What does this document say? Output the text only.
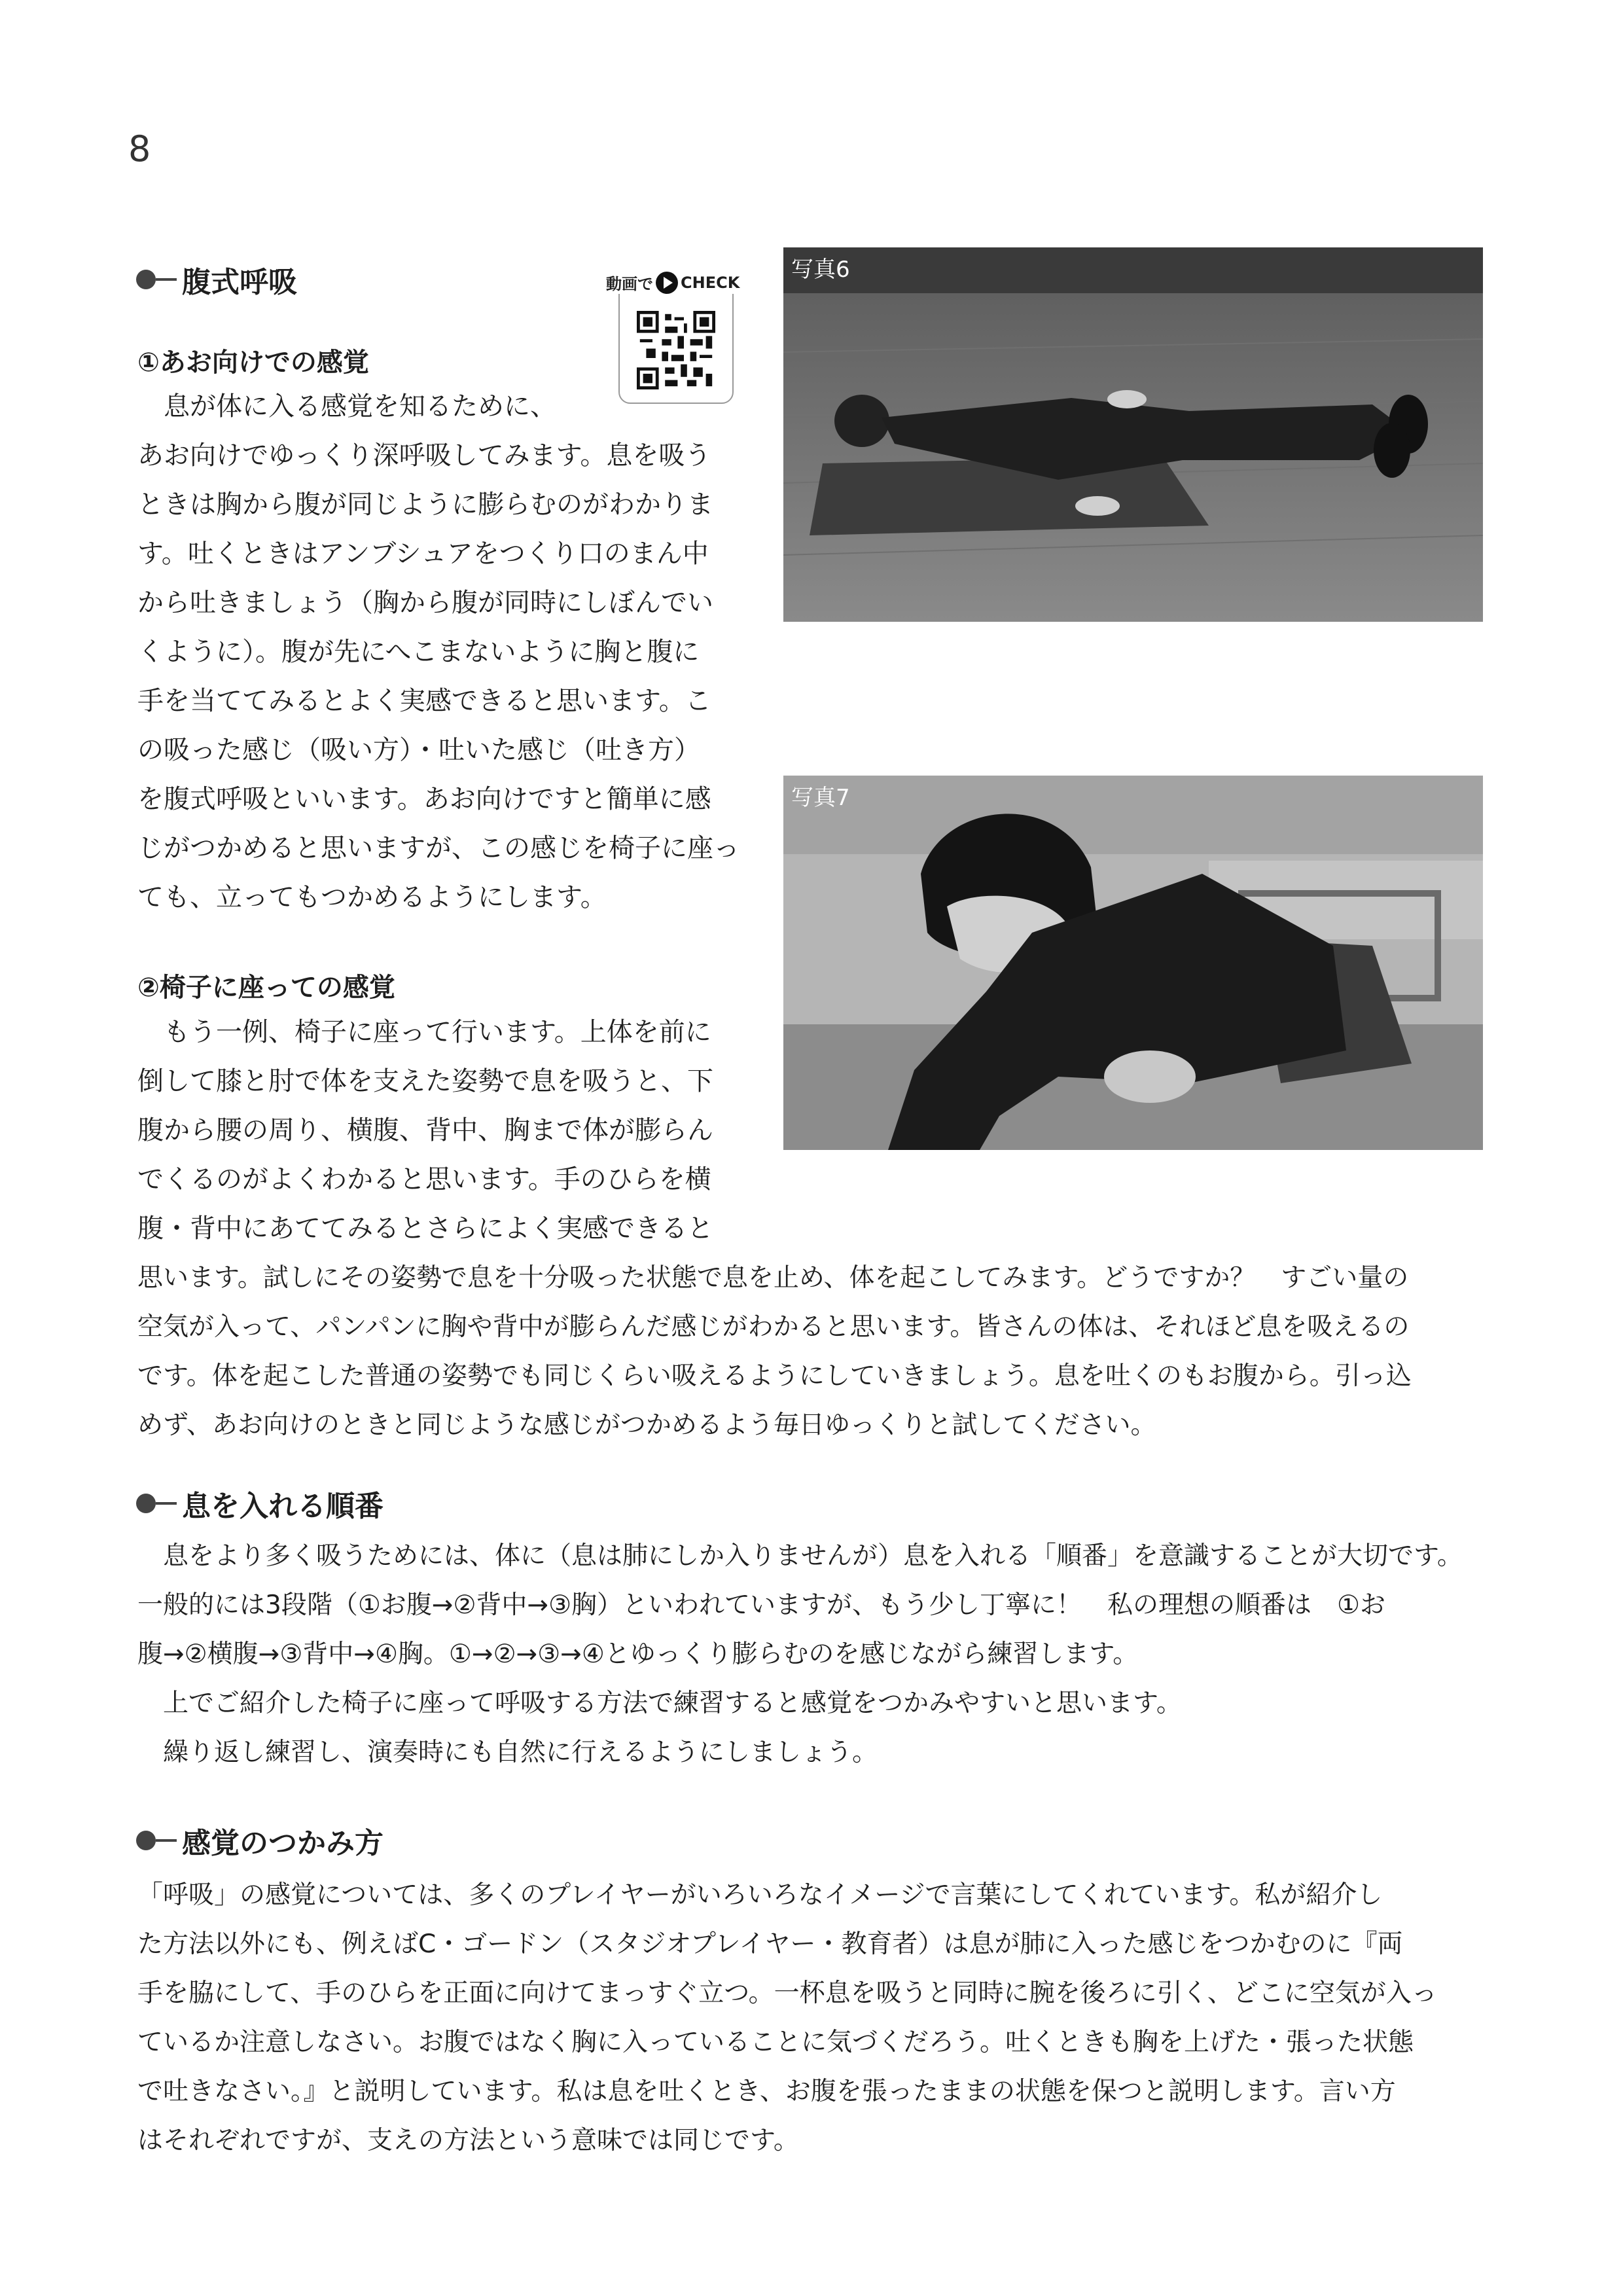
8
腹式呼吸	動画で CHECK
①あお向けでの感覚
　息が体に入る感覚を知るために、
あお向けでゆっくり深呼吸してみます。息を吸う
ときは胸から腹が同じように膨らむのがわかりま
す。吐くときはアンブシュアをつくり口のまん中
から吐きましょう（胸から腹が同時にしぼんでい
くように）。腹が先にへこまないように胸と腹に
手を当ててみるとよく実感できると思います。こ
の吸った感じ（吸い方）・吐いた感じ（吐き方）
を腹式呼吸といいます。あお向けですと簡単に感
じがつかめると思いますが、この感じを椅子に座っ
ても、立ってもつかめるようにします。
②椅子に座っての感覚
　もう一例、椅子に座って行います。上体を前に
倒して膝と肘で体を支えた姿勢で息を吸うと、下
腹から腰の周り、横腹、背中、胸まで体が膨らん
でくるのがよくわかると思います。手のひらを横
腹・背中にあててみるとさらによく実感できると
思います。試しにその姿勢で息を十分吸った状態で息を止め、体を起こしてみます。どうですか？　すごい量の
空気が入って、パンパンに胸や背中が膨らんだ感じがわかると思います。皆さんの体は、それほど息を吸えるの
です。体を起こした普通の姿勢でも同じくらい吸えるようにしていきましょう。息を吐くのもお腹から。引っ込
めず、あお向けのときと同じような感じがつかめるよう毎日ゆっくりと試してください。
写真6
写真7
息を入れる順番
　息をより多く吸うためには、体に（息は肺にしか入りませんが）息を入れる「順番」を意識することが大切です。
一般的には3段階（①お腹→②背中→③胸）といわれていますが、もう少し丁寧に！　私の理想の順番は　①お
腹→②横腹→③背中→④胸。①→②→③→④とゆっくり膨らむのを感じながら練習します。
　上でご紹介した椅子に座って呼吸する方法で練習すると感覚をつかみやすいと思います。
　繰り返し練習し、演奏時にも自然に行えるようにしましょう。
感覚のつかみ方
「呼吸」の感覚については、多くのプレイヤーがいろいろなイメージで言葉にしてくれています。私が紹介し
た方法以外にも、例えばC・ゴードン（スタジオプレイヤー・教育者）は息が肺に入った感じをつかむのに『両
手を脇にして、手のひらを正面に向けてまっすぐ立つ。一杯息を吸うと同時に腕を後ろに引く、どこに空気が入っ
ているか注意しなさい。お腹ではなく胸に入っていることに気づくだろう。吐くときも胸を上げた・張った状態
で吐きなさい。』と説明しています。私は息を吐くとき、お腹を張ったままの状態を保つと説明します。言い方
はそれぞれですが、支えの方法という意味では同じです。
